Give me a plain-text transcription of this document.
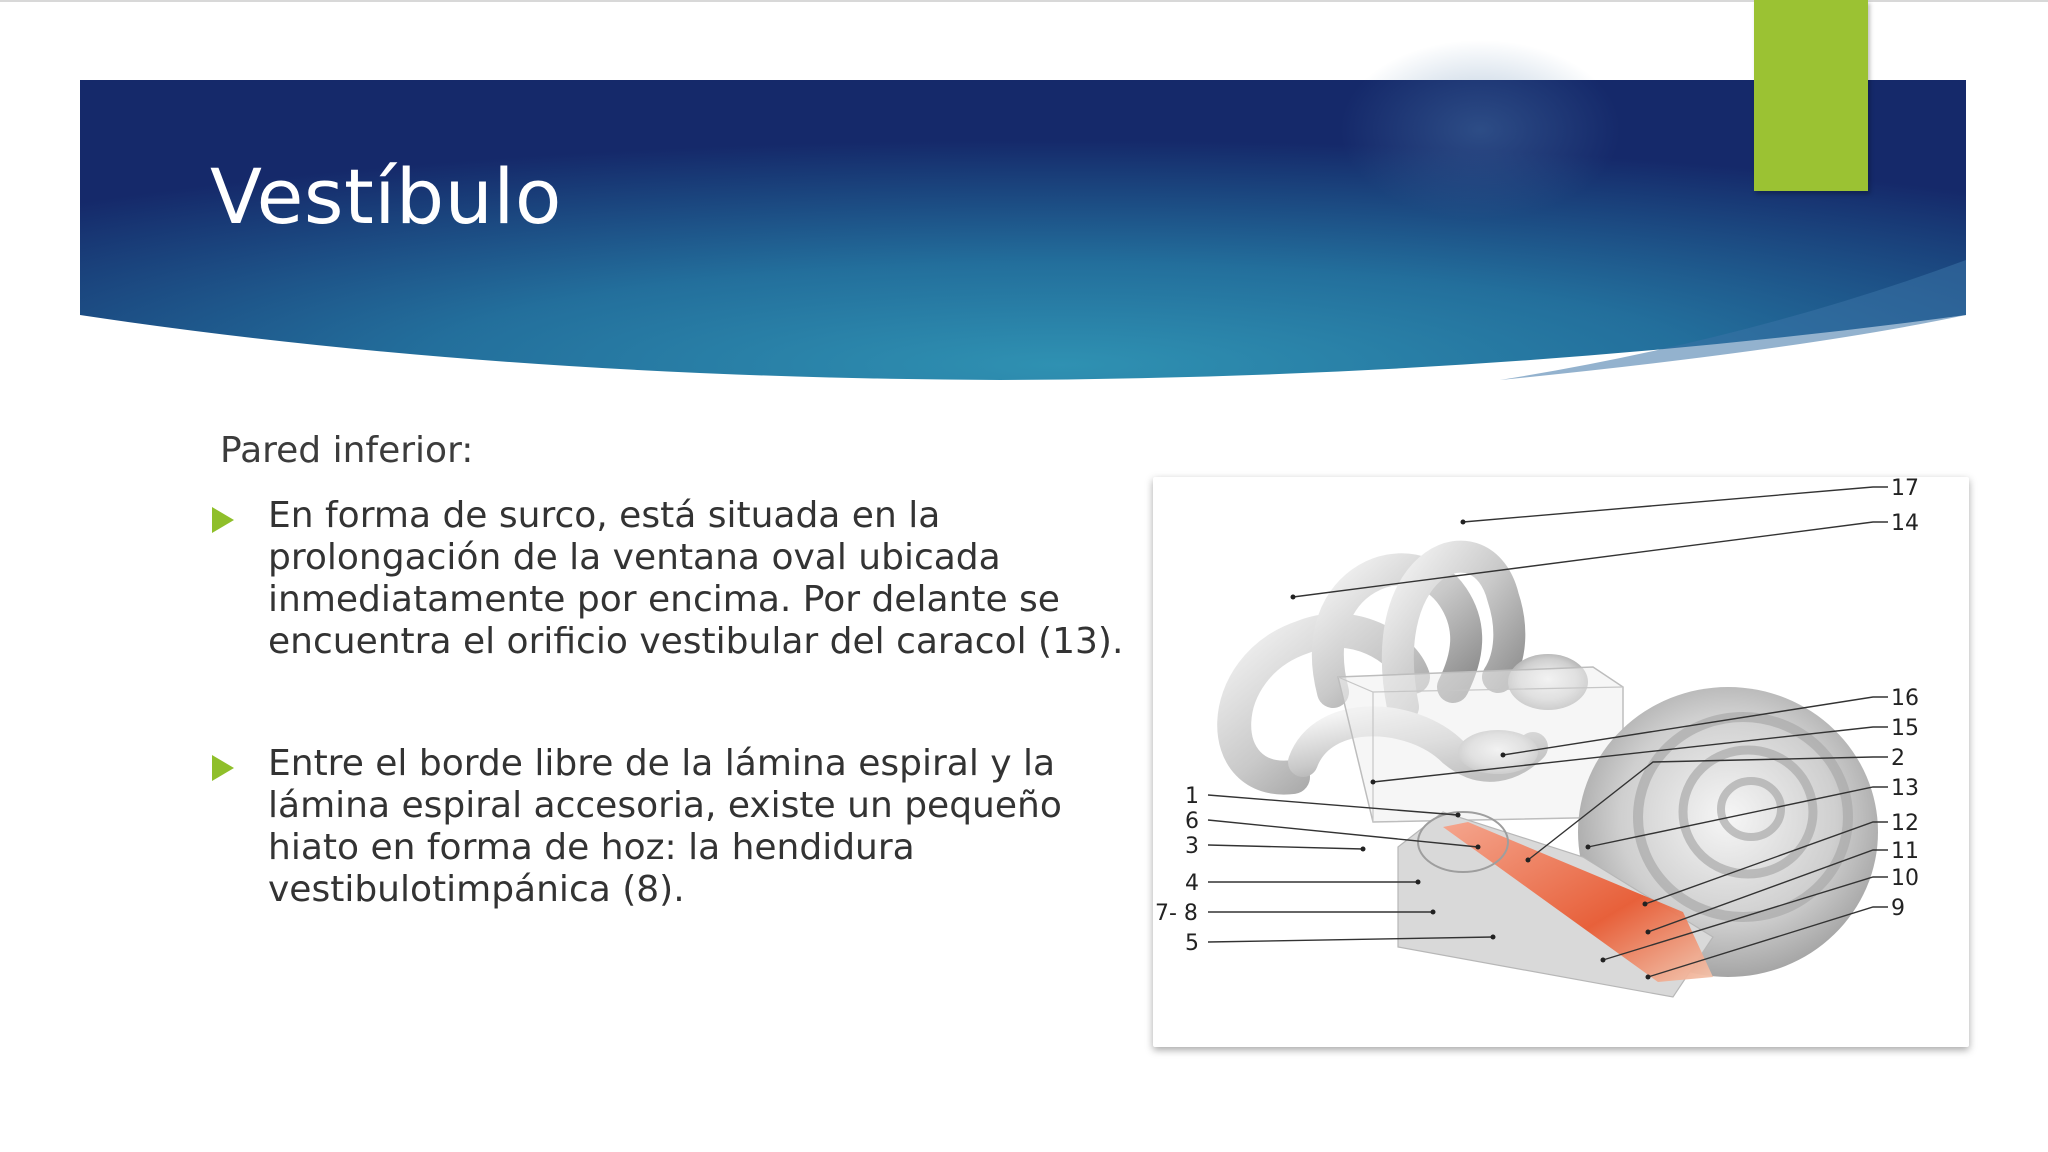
Vestíbulo
Pared inferior:
En forma de surco, está situada en la prolongación de la ventana oval ubicada inmediatamente por encima. Por delante se encuentra el orificio vestibular del caracol (13).
Entre el borde libre de la lámina espiral y la lámina espiral accesoria, existe un pequeño hiato en forma de hoz: la hendidura vestibulotimpánica (8).
17
14
16
15
2
13
12
11
10
9
1
6
3
4
7- 8
5
